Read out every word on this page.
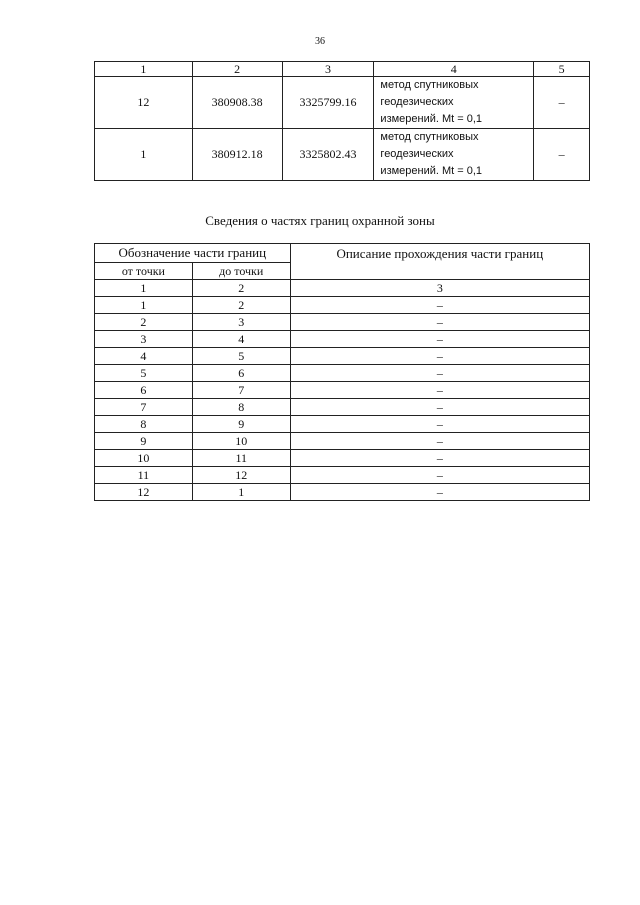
36
1	2	3	4	5
12	380908.38	3325799.16	метод спутниковых
геодезических
измерений. Mt = 0,1	–
1	380912.18	3325802.43	метод спутниковых
геодезических
измерений. Mt = 0,1	–
Сведения о частях границ охранной зоны
Обозначение части границ		Описание прохождения части границ
от точки	до точки	
1	2	3
1	2	–
2	3	–
3	4	–
4	5	–
5	6	–
6	7	–
7	8	–
8	9	–
9	10	–
10	11	–
11	12	–
12	1	–
